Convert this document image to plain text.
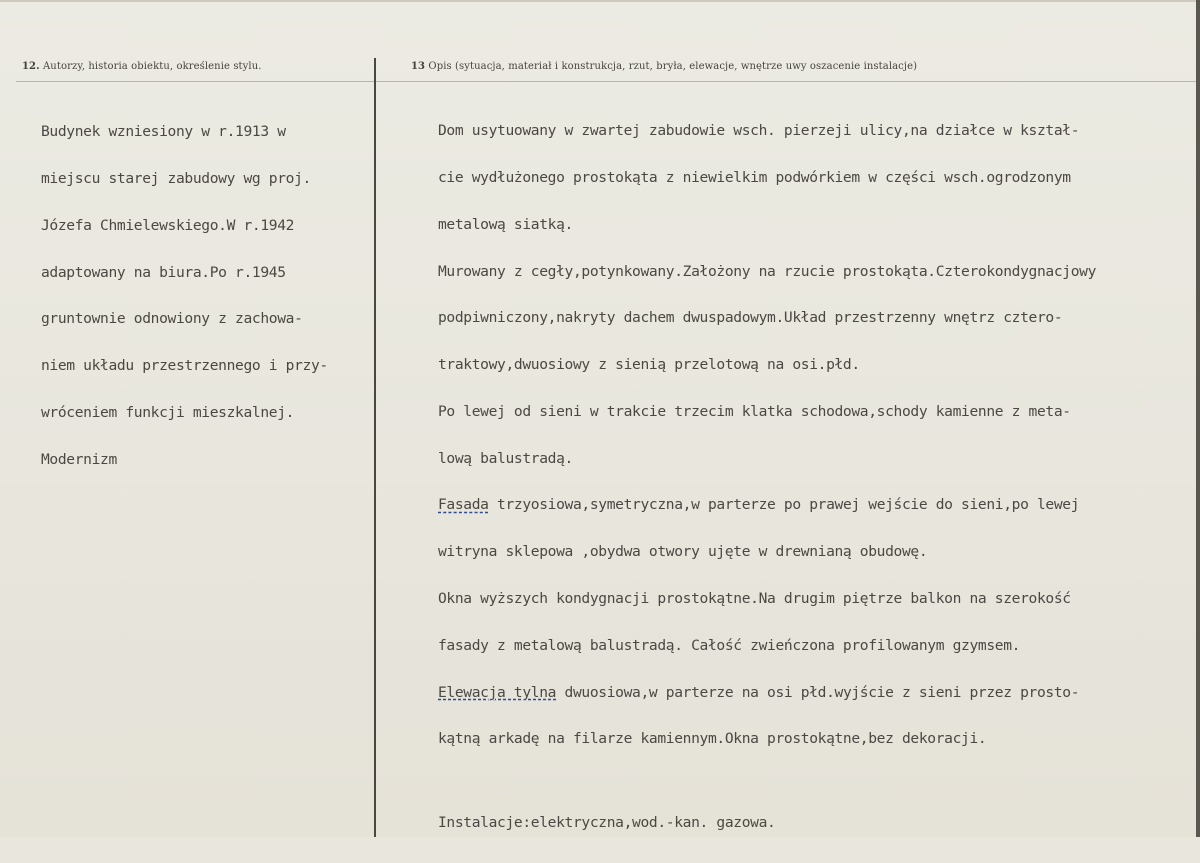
12. Autorzy, historia obiektu, określenie stylu.	13 Opis (sytuacja, materiał i konstrukcja, rzut, bryła, elewacje, wnętrze uwy oszacenie instalacje)

Budynek wzniesiony w r.1913 w

miejscu starej zabudowy wg proj.

Józefa Chmielewskiego.W r.1942

adaptowany na biura.Po r.1945

gruntownie odnowiony z zachowa-

niem układu przestrzennego i przy-

wróceniem funkcji mieszkalnej.

Modernizm

Dom usytuowany w zwartej zabudowie wsch. pierzeji ulicy,na działce w kształ-

cie wydłużonego prostokąta z niewielkim podwórkiem w części wsch.ogrodzonym

metalową siatką.

Murowany z cegły,potynkowany.Założony na rzucie prostokąta.Czterokondygnacjowy

podpiwniczony,nakryty dachem dwuspadowym.Układ przestrzenny wnętrz cztero-

traktowy,dwuosiowy z sienią przelotową na osi.płd.

Po lewej od sieni w trakcie trzecim klatka schodowa,schody kamienne z meta-

lową balustradą.

Fasada trzyosiowa,symetryczna,w parterze po prawej wejście do sieni,po lewej

witryna sklepowa ,obydwa otwory ujęte w drewnianą obudowę.

Okna wyższych kondygnacji prostokątne.Na drugim piętrze balkon na szerokość

fasady z metalową balustradą. Całość zwieńczona profilowanym gzymsem.

Elewacja tylna dwuosiowa,w parterze na osi płd.wyjście z sieni przez prosto-

kątną arkadę na filarze kamiennym.Okna prostokątne,bez dekoracji.

Instalacje:elektryczna,wod.-kan. gazowa.
